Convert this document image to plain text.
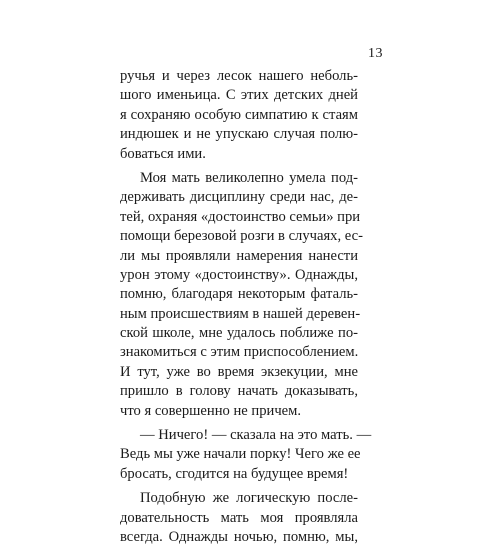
13
ручья и через лесок нашего неболь-
шого именьица. С этих детских дней
я сохраняю особую симпатию к стаям
индюшек и не упускаю случая полю-
боваться ими.
Моя мать великолепно умела под-
держивать дисциплину среди нас, де-
тей, охраняя «достоинство семьи» при
помощи березовой розги в случаях, ес-
ли мы проявляли намерения нанести
урон этому «достоинству». Однажды,
помню, благодаря некоторым фаталь-
ным происшествиям в нашей деревен-
ской школе, мне удалось поближе по-
знакомиться с этим приспособлением.
И тут, уже во время экзекуции, мне
пришло в голову начать доказывать,
что я совершенно не причем.
— Ничего! — сказала на это мать. —
Ведь мы уже начали порку! Чего же ее
бросать, сгодится на будущее время!
Подобную же логическую после-
довательность мать моя проявляла
всегда. Однажды ночью, помню, мы,
